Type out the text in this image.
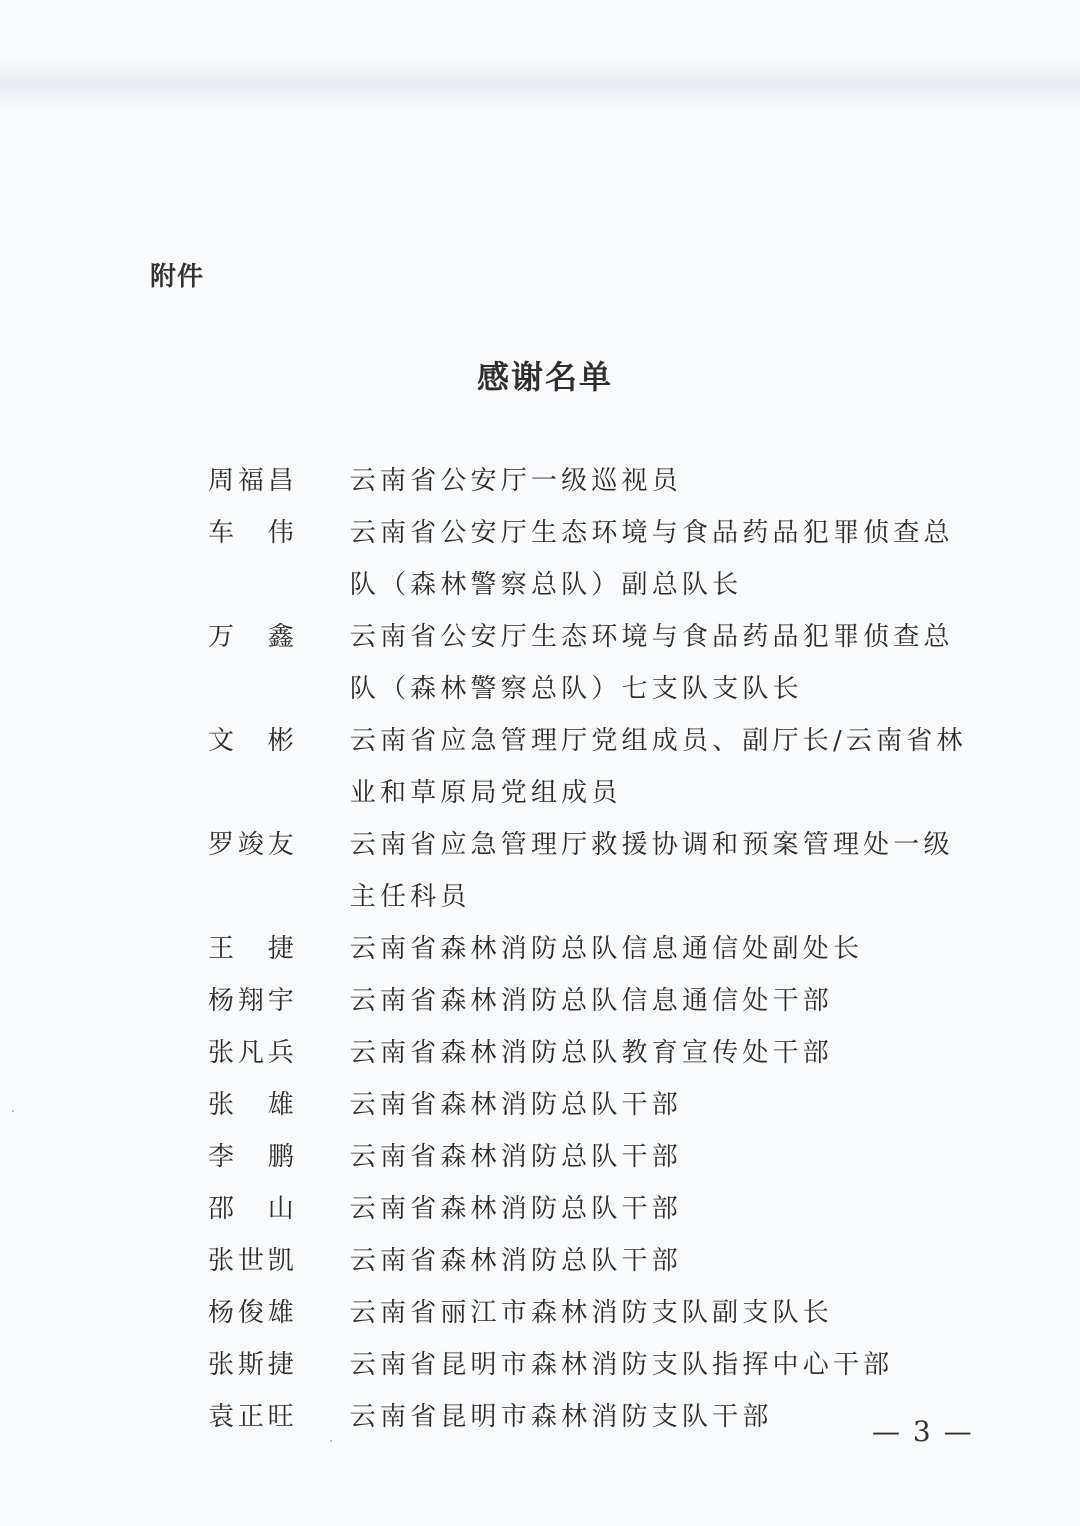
附件
感谢名单
周 福 昌 云南省公安厅一级巡视员
车 伟 云南省公安厅生态环境与食品药品犯罪侦查总队（森林警察总队）副总队长
万 鑫 云南省公安厅生态环境与食品药品犯罪侦查总队（森林警察总队）七支队支队长
文 彬 云南省应急管理厅党组成员、副厅长/云南省林业和草原局党组成员
罗 竣 友 云南省应急管理厅救援协调和预案管理处一级主任科员
王 捷 云南省森林消防总队信息通信处副处长
杨 翔 宇 云南省森林消防总队信息通信处干部
张 凡 兵 云南省森林消防总队教育宣传处干部
张 雄 云南省森林消防总队干部
李 鹏 云南省森林消防总队干部
邵 山 云南省森林消防总队干部
张 世 凯 云南省森林消防总队干部
杨 俊 雄 云南省丽江市森林消防支队副支队长
张 斯 捷 云南省昆明市森林消防支队指挥中心干部
袁 正 旺 云南省昆明市森林消防支队干部	— 3 —
